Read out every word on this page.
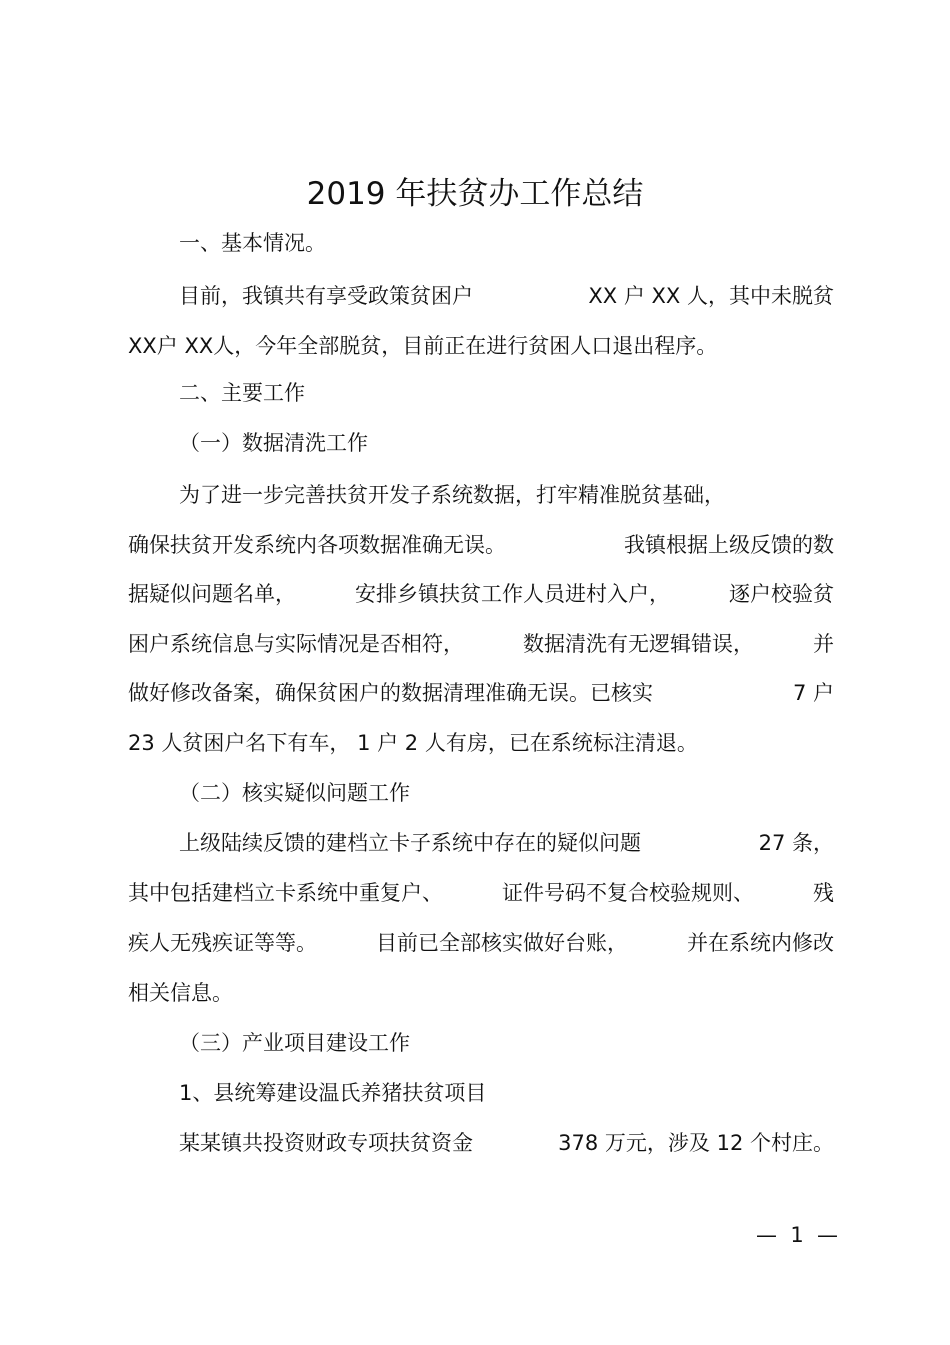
2019 年扶贫办工作总结
一、基本情况。
目前，我镇共有享受政策贫困户	XX 户 XX 人，其中未脱贫
XX户 XX人，今年全部脱贫，目前正在进行贫困人口退出程序。
二、主要工作
（一）数据清洗工作
为了进一步完善扶贫开发子系统数据，打牢精准脱贫基础，
确保扶贫开发系统内各项数据准确无误。	我镇根据上级反馈的数
据疑似问题名单，	安排乡镇扶贫工作人员进村入户，	逐户校验贫
困户系统信息与实际情况是否相符，	数据清洗有无逻辑错误，	并
做好修改备案，确保贫困户的数据清理准确无误。已核实	7 户
23 人贫困户名下有车， 1 户 2 人有房，已在系统标注清退。
（二）核实疑似问题工作
上级陆续反馈的建档立卡子系统中存在的疑似问题	27 条，
其中包括建档立卡系统中重复户、	证件号码不复合校验规则、	残
疾人无残疾证等等。	目前已全部核实做好台账，	并在系统内修改
相关信息。
（三）产业项目建设工作
1、县统筹建设温氏养猪扶贫项目
某某镇共投资财政专项扶贫资金	378 万元，涉及 12 个村庄。
—  1  —
